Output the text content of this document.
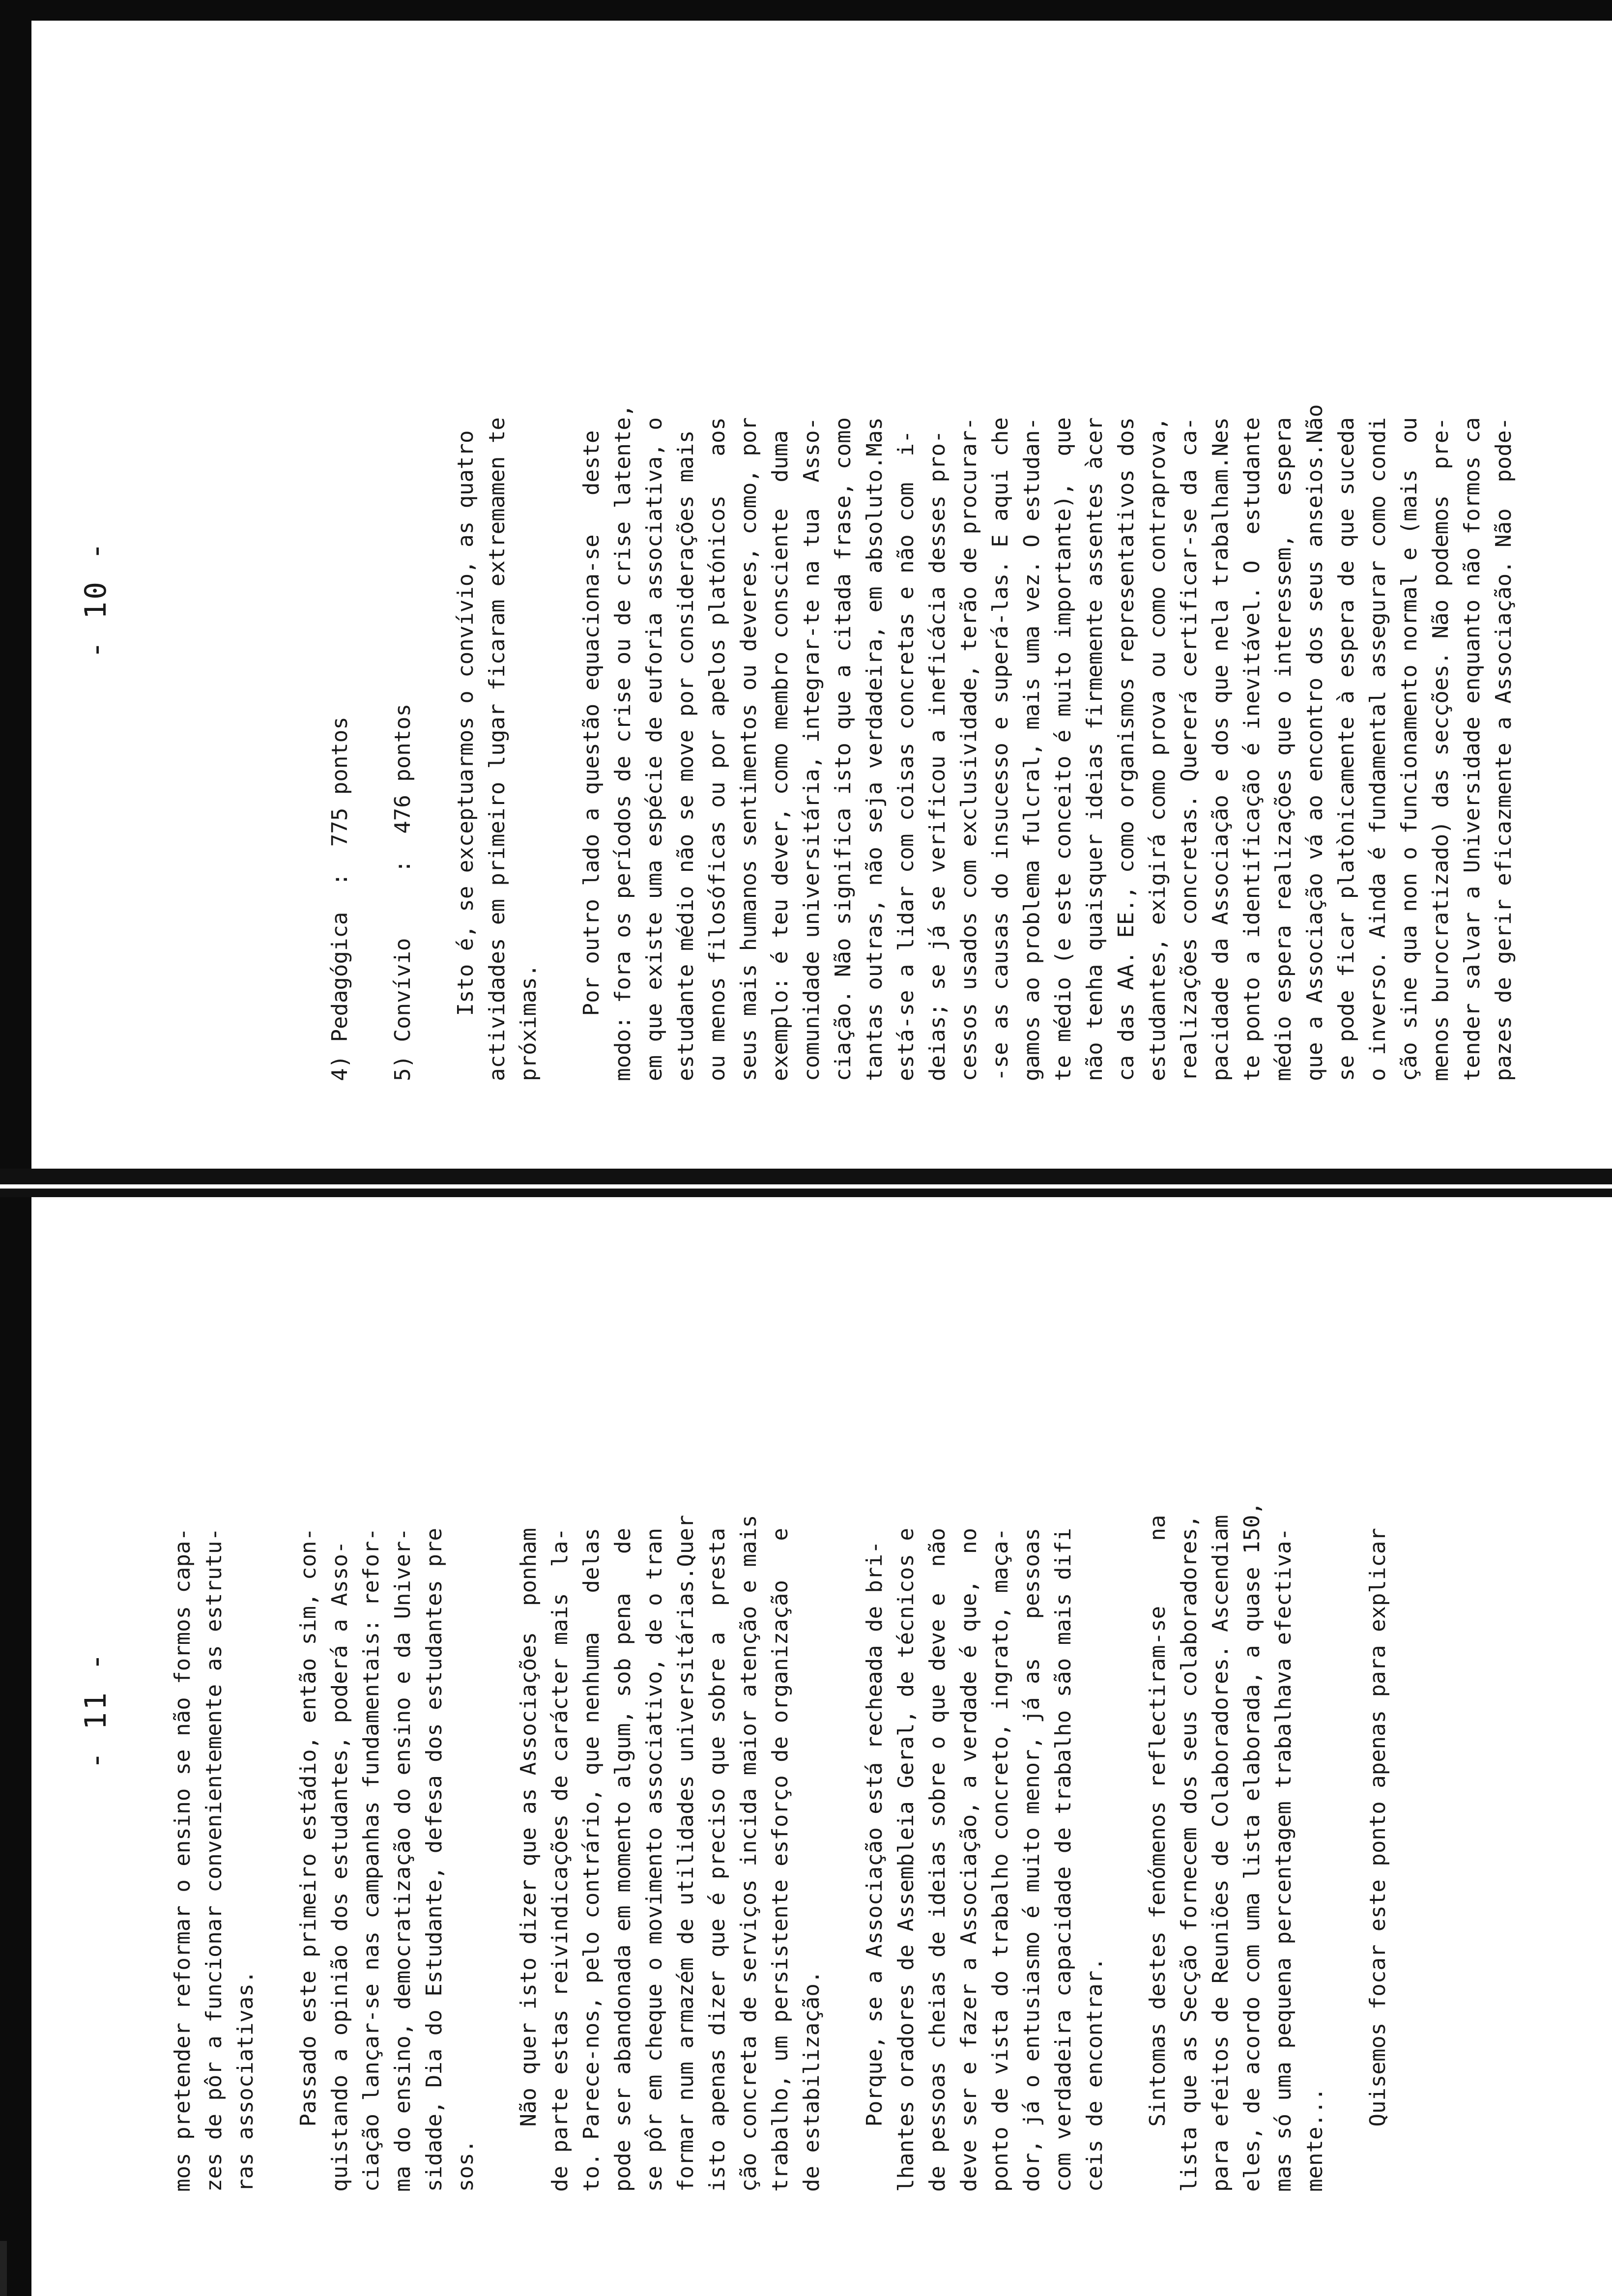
- 10 -
4) Pedagógica  :  775 pontos 5) Convívio     :  476 pontos Isto é, se exceptuarmos o convívio, as quatro actividades em primeiro lugar ficaram extremamen te próximas. Por outro lado a questão equaciona-se   deste modo: fora os períodos de crise ou de crise latente, em que existe uma espécie de euforia associativa, o estudante médio não se move por considerações mais ou menos filosóficas ou por apelos platónicos   aos seus mais humanos sentimentos ou deveres, como, por exemplo: é teu dever, como membro consciente  duma comunidade universitária, integrar-te na tua  Asso- ciação. Não significa isto que a citada frase, como tantas outras, não seja verdadeira, em absoluto.Mas está-se a lidar com coisas concretas e não com  i- deias; se já se verificou a ineficácia desses pro- cessos usados com exclusividade, terão de procurar- -se as causas do insucesso e superá-las. E aqui che gamos ao problema fulcral, mais uma vez. O estudan- te médio (e este conceito é muito importante),  que não tenha quaisquer ideias firmemente assentes àcer ca das AA. EE., como organismos representativos dos estudantes, exigirá como prova ou como contraprova, realizações concretas. Quererá certificar-se da ca- pacidade da Associação e dos que nela trabalham.Nes te ponto a identificação é inevitável. O  estudante médio espera realizações que o interessem,   espera que a Associação vá ao encontro dos seus anseios.Não se pode ficar platònicamente à espera de que suceda o inverso. Ainda é fundamental assegurar como condi ção sine qua non o funcionamento normal e (mais  ou menos burocratizado) das secções. Não podemos  pre- tender salvar a Universidade enquanto não formos ca pazes de gerir eficazmente a Associação. Não  pode-
- 11 -	mos pretender reformar o ensino se não formos capa- zes de pôr a funcionar convenientemente as estrutu- ras associativas. Passado este primeiro estádio, então sim, con- quistando a opinião dos estudantes, poderá a Asso- ciação lançar-se nas campanhas fundamentais: refor- ma do ensino, democratização do ensino e da Univer- sidade, Dia do Estudante, defesa dos estudantes pre sos. Não quer isto dizer que as Associações  ponham de parte estas reivindicações de carácter mais  la- to. Parece-nos, pelo contrário, que nenhuma   delas pode ser abandonada em momento algum, sob pena   de se pôr em cheque o movimento associativo, de o tran formar num armazém de utilidades universitárias.Quer isto apenas dizer que é preciso que sobre a  presta ção concreta de serviços incida maior atenção e mais trabalho, um persistente esforço de organização   e de estabilização. Porque, se a Associação está recheada de bri- lhantes oradores de Assembleia Geral, de técnicos e de pessoas cheias de ideias sobre o que deve e  não deve ser e fazer a Associação, a verdade é que,  no ponto de vista do trabalho concreto, ingrato, maça- dor, já o entusiasmo é muito menor, já as   pessoas com verdadeira capacidade de trabalho são mais difi ceis de encontrar. Sintomas destes fenómenos reflectiram-se     na lista que as Secção fornecem dos seus colaboradores, para efeitos de Reuniões de Colaboradores. Ascendiam eles, de acordo com uma lista elaborada, a quase 150, mas só uma pequena percentagem trabalhava efectiva- mente... Quisemos focar este ponto apenas para explicar
